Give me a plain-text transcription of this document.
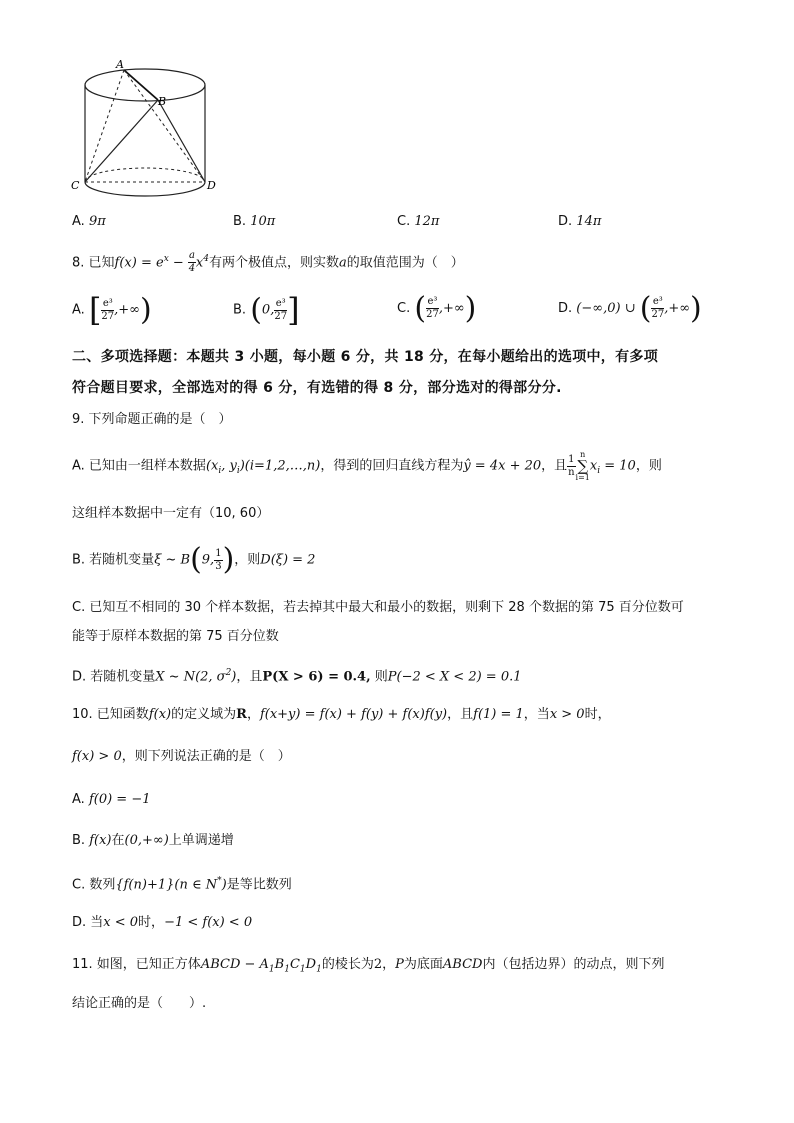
A
B
C	D
A. 9π	B. 10π	C. 12π	D. 14π
8. 已知$f(x) = e^x - \frac{a}{4} x^4$有两个极值点，则实数a的取值范围为（　）
A. [ $\frac{\text{e³}}{27}$ ,+∞)	B. (0, $\frac{\text{e³}}{27}$ ]	C. ( $\frac{\text{e³}}{27}$ ,+∞)	D. (−∞,0) ∪ ( $\frac{\text{e³}}{27}$ ,+∞)
二、多项选择题：本题共 3 小题，每小题 6 分，共 18 分，在每小题给出的选项中，有多项
符合题目要求，全部选对的得 6 分，有选错的得 8 分，部分选对的得部分分.
9. 下列命题正确的是（　）
A. 已知由一组样本数据($x_i$, $y_i)(i=1,2,\dots,n)$，得到的回归直线方程为ŷ = 4x + 20，且 $\frac{1}{n}$ n
∑
i=1
$x_i = 10$，则
这组样本数据中一定有（10, 60）
B. 若随机变量ξ ~ B(9, $\frac{1}{3}$ )，则D(ξ) = 2
C. 已知互不相同的 30 个样本数据，若去掉其中最大和最小的数据，则剩下 28 个数据的第 75 百分位数可
能等于原样本数据的第 75 百分位数
D. 若随机变量X ~ N(2, $\sigma^2$)，且P(X > 6) = 0.4, 则P(−2 < X < 2) = 0.1
10. 已知函数f(x)的定义域为R，f(x+y) = f(x) + f(y) + f(x)f(y)，且f(1) = 1，当x > 0时，
f(x) > 0，则下列说法正确的是（　）
A. f(0) = −1
B. f(x)在(0,+∞)上单调递增
C. 数列{f(n)+1}(n ∈ N*)是等比数列
D. 当x < 0时，−1 < f(x) < 0
11. 如图，已知正方体ABCD − $A_1B_1C_1D_1$的棱长为2，P为底面ABCD内（包括边界）的动点，则下列
结论正确的是（　　）.
